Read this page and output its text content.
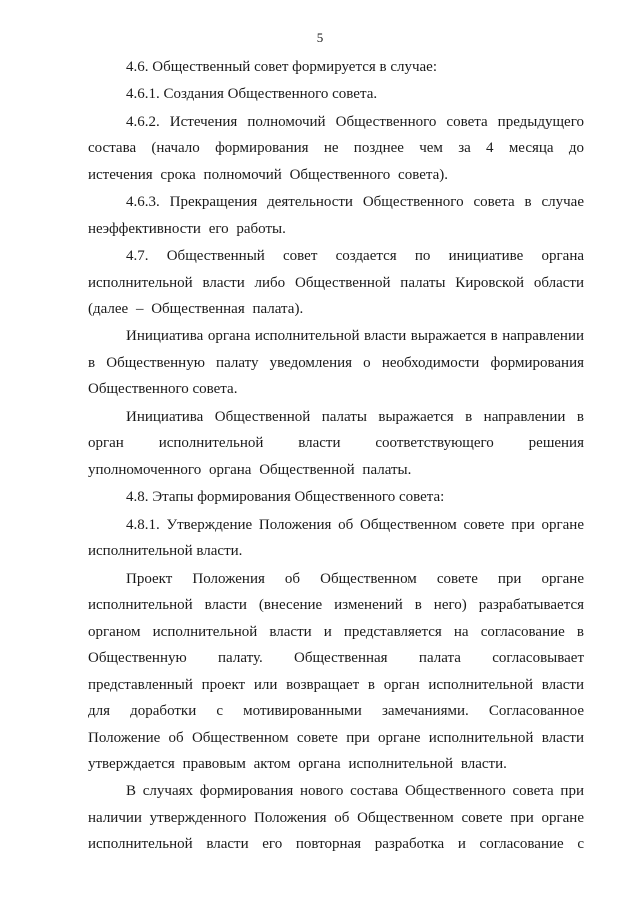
5

4.6. Общественный совет формируется в случае:

4.6.1. Создания Общественного совета.

4.6.2. Истечения полномочий Общественного совета предыдущего состава (начало формирования не позднее чем за 4 месяца до истечения срока полномочий Общественного совета).

4.6.3. Прекращения деятельности Общественного совета в случае неэффективности его работы.

4.7. Общественный совет создается по инициативе органа исполнительной власти либо Общественной палаты Кировской области (далее – Общественная палата).

Инициатива органа исполнительной власти выражается в направлении в Общественную палату уведомления о необходимости формирования Общественного совета.

Инициатива Общественной палаты выражается в направлении в орган исполнительной власти соответствующего решения уполномоченного органа Общественной палаты.

4.8. Этапы формирования Общественного совета:

4.8.1. Утверждение Положения об Общественном совете при органе исполнительной власти.

Проект Положения об Общественном совете при органе исполнительной власти (внесение изменений в него) разрабатывается органом исполнительной власти и представляется на согласование в Общественную палату. Общественная палата согласовывает представленный проект или возвращает в орган исполнительной власти для доработки с мотивированными замечаниями. Согласованное Положение об Общественном совете при органе исполнительной власти утверждается правовым актом органа исполнительной власти.

В случаях формирования нового состава Общественного совета при наличии утвержденного Положения об Общественном совете при органе исполнительной власти его повторная разработка и согласование с
